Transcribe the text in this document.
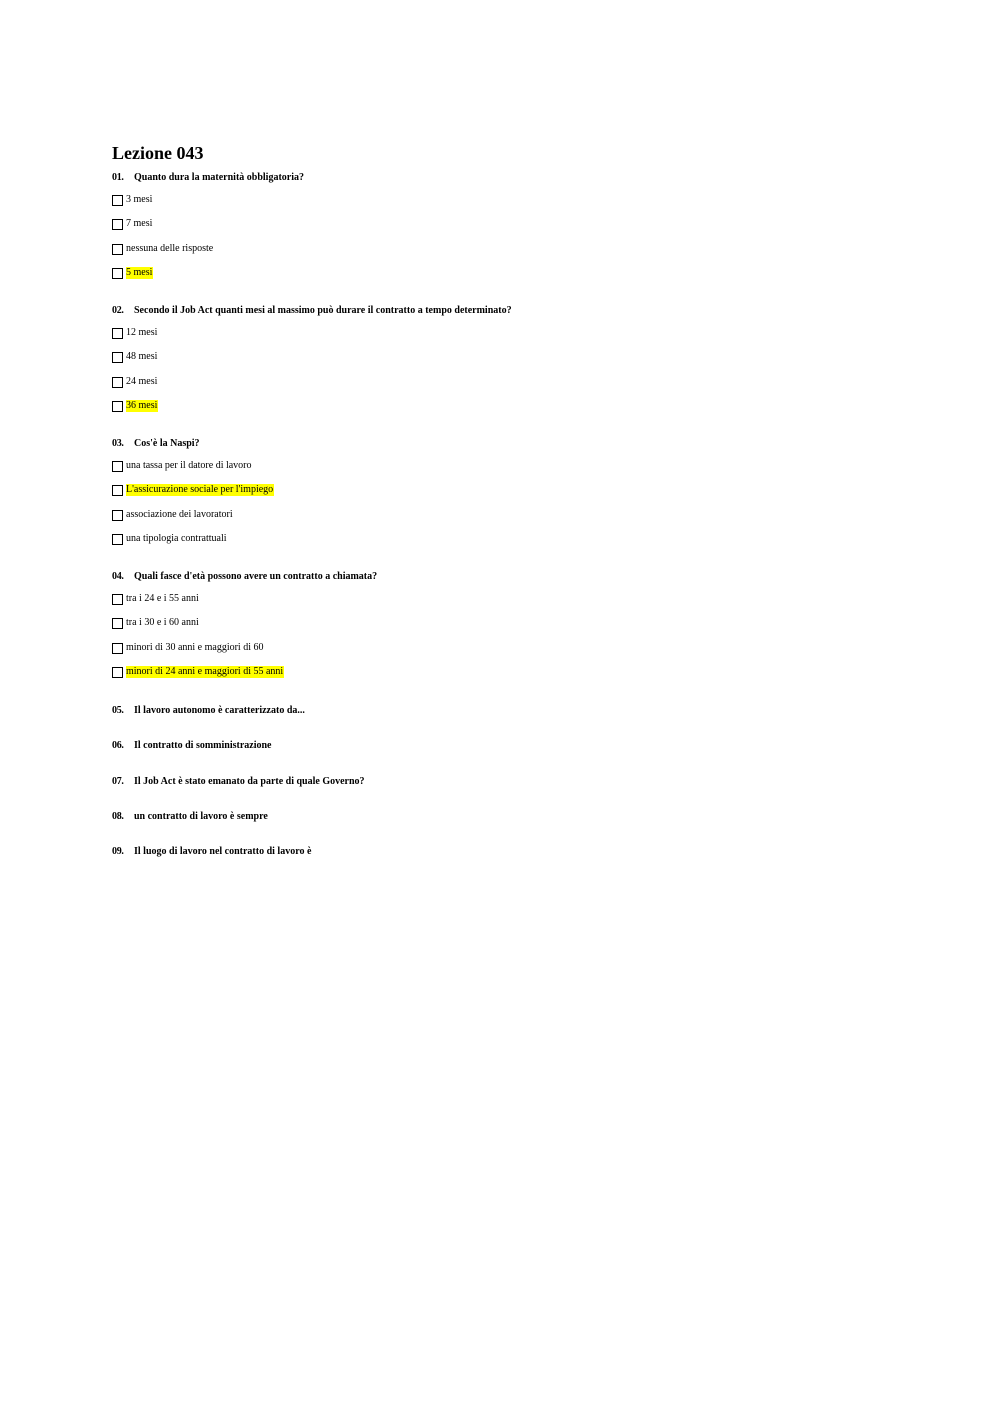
Lezione 043
01. Quanto dura la maternità obbligatoria?
3 mesi
7 mesi
nessuna delle risposte
5 mesi
02. Secondo il Job Act quanti mesi al massimo può durare il contratto a tempo determinato?
12 mesi
48 mesi
24 mesi
36 mesi
03. Cos'è la Naspi?
una tassa per il datore di lavoro
L'assicurazione sociale per l'impiego
associazione dei lavoratori
una tipologia contrattuali
04. Quali fasce d'età possono avere un contratto a chiamata?
tra i 24 e i 55 anni
tra i 30 e i 60 anni
minori di 30 anni e maggiori di 60
minori di 24 anni e maggiori di 55 anni
05. Il lavoro autonomo è caratterizzato da...
06. Il contratto di somministrazione
07. Il Job Act è stato emanato da parte di quale Governo?
08. un contratto di lavoro è sempre
09. Il luogo di lavoro nel contratto di lavoro è
